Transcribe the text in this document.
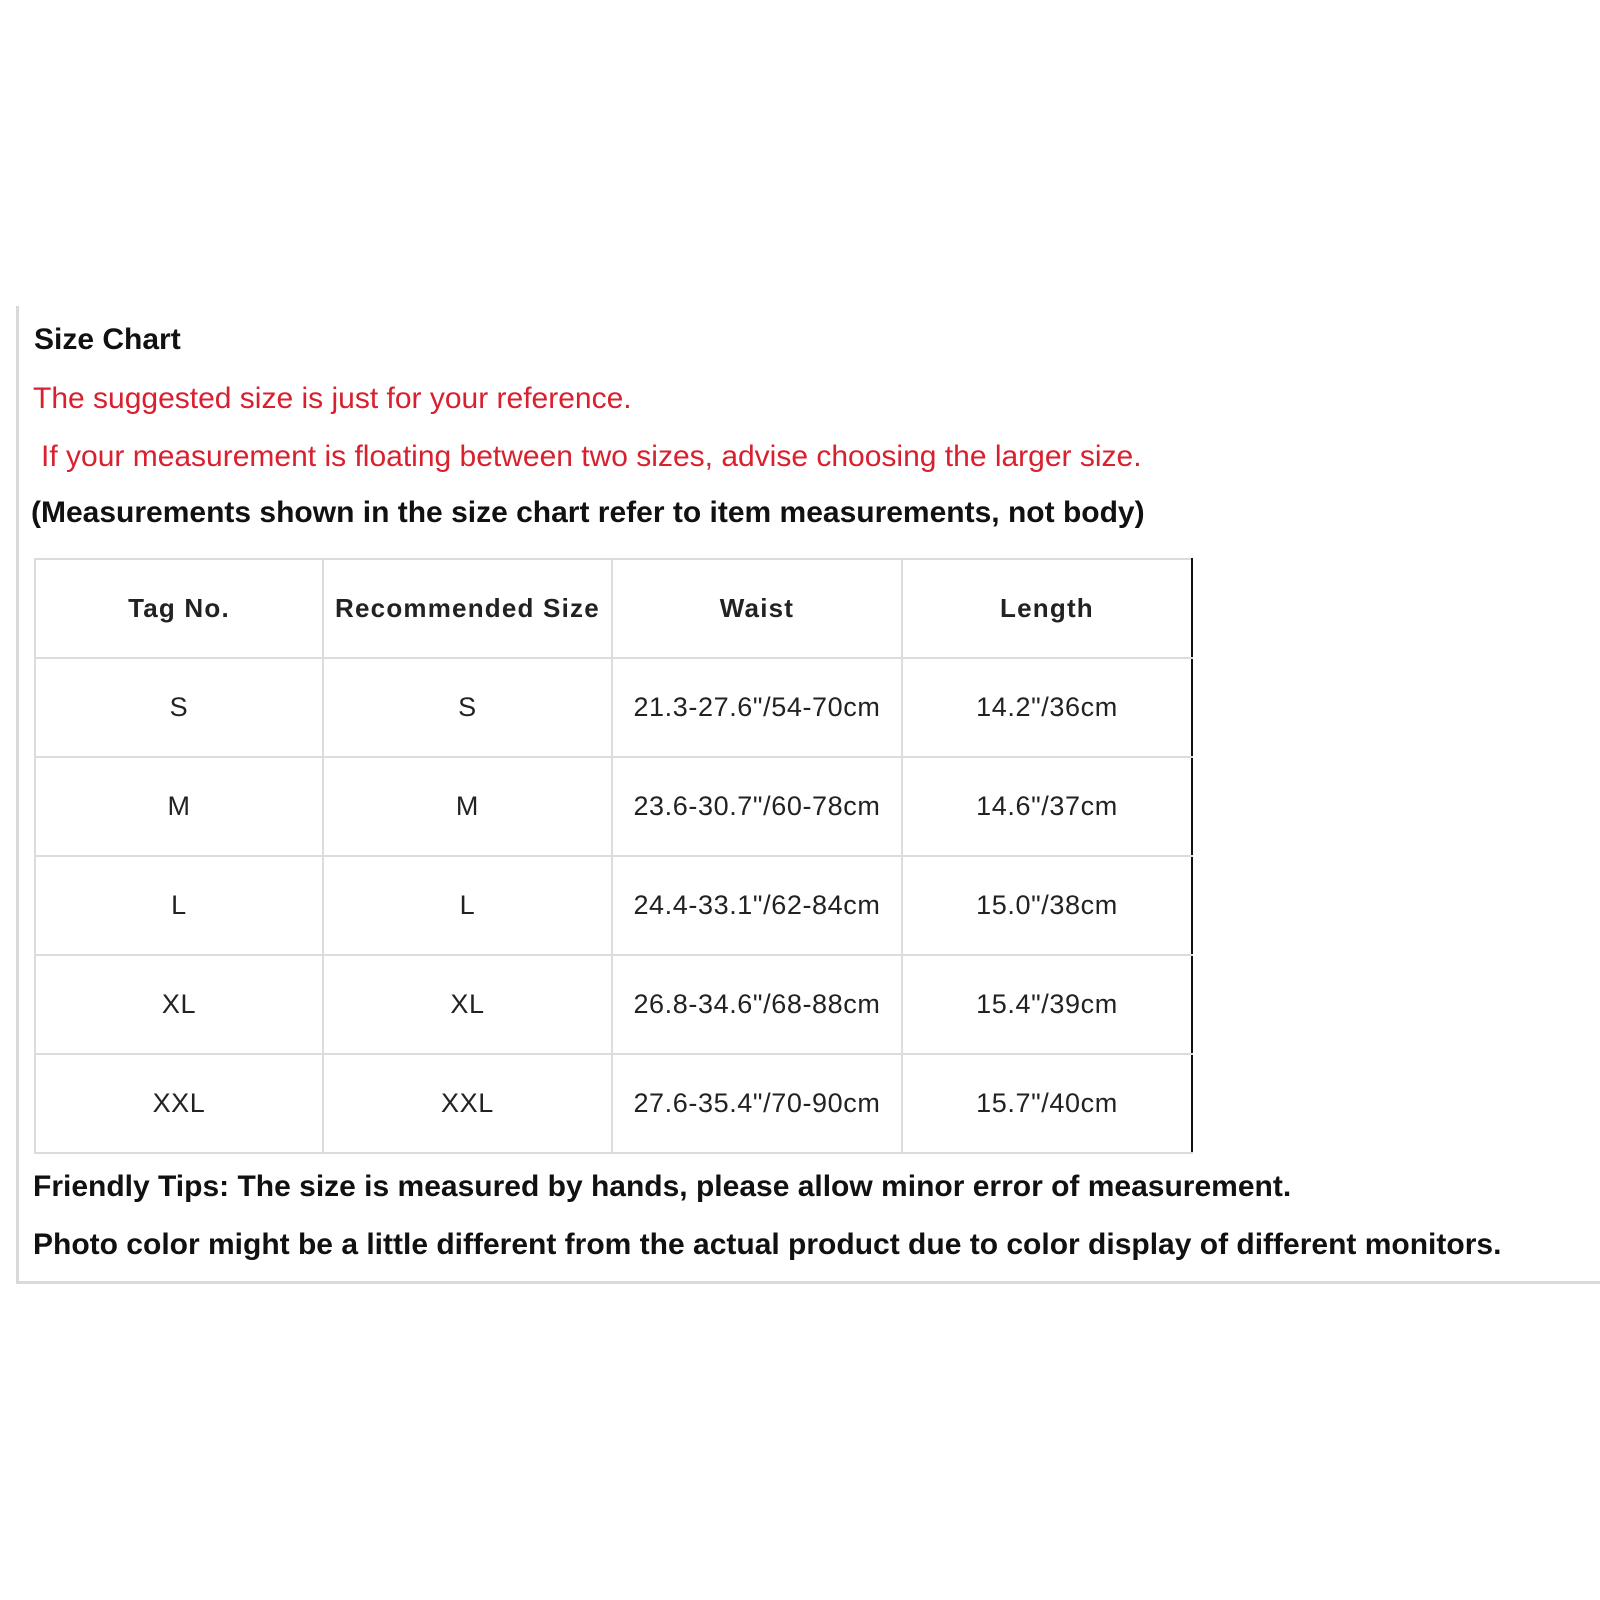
Size Chart
The suggested size is just for your reference.
If your measurement is floating between two sizes, advise choosing the larger size.
(Measurements shown in the size chart refer to item measurements, not body)
Tag No.	Recommended Size	Waist	Length
S	S	21.3-27.6"/54-70cm	14.2"/36cm
M	M	23.6-30.7"/60-78cm	14.6"/37cm
L	L	24.4-33.1"/62-84cm	15.0"/38cm
XL	XL	26.8-34.6"/68-88cm	15.4"/39cm
XXL	XXL	27.6-35.4"/70-90cm	15.7"/40cm
Friendly Tips: The size is measured by hands, please allow minor error of measurement.
Photo color might be a little different from the actual product due to color display of different monitors.
